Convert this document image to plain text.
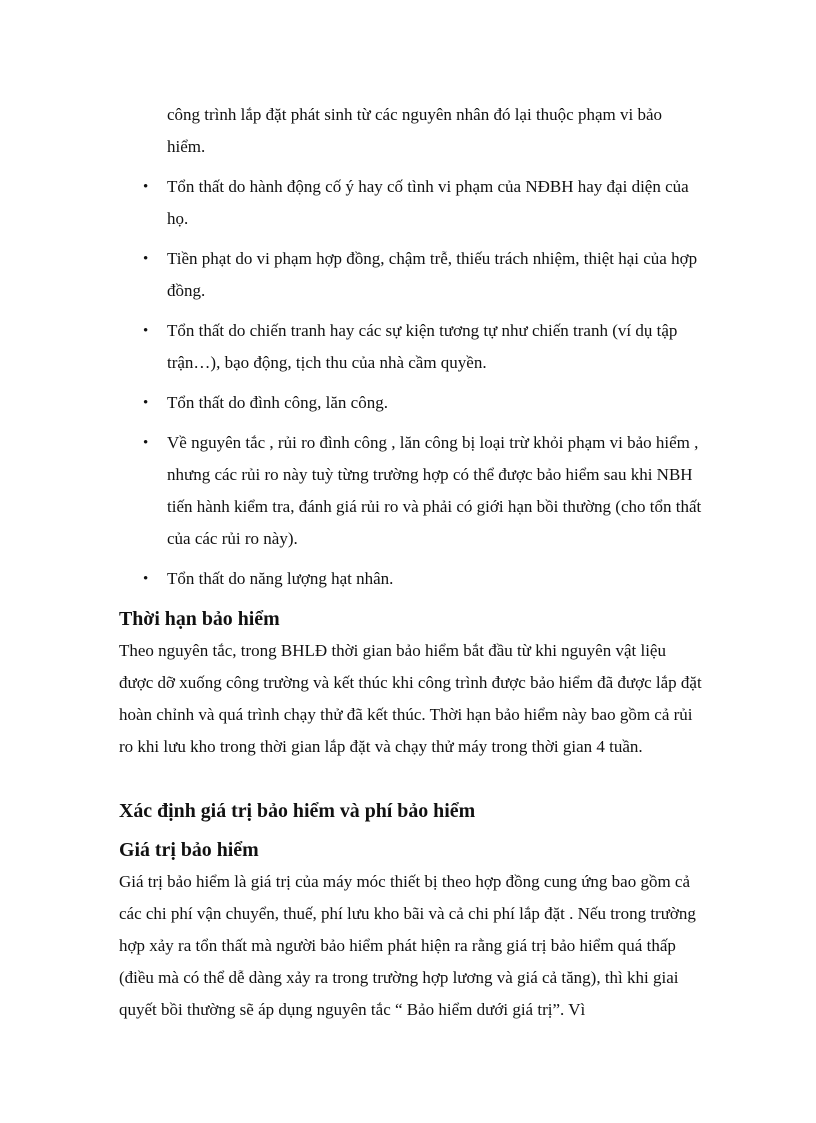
công trình lắp đặt phát sinh từ các nguyên nhân đó lại thuộc phạm vi bảo hiểm.

• Tổn thất do hành động cố ý hay cố tình vi phạm của NĐBH hay đại diện của họ.
• Tiền phạt do vi phạm hợp đồng, chậm trễ, thiếu trách nhiệm, thiệt hại của hợp đồng.
• Tổn thất do chiến tranh hay các sự kiện tương tự như chiến tranh (ví dụ tập trận…), bạo động, tịch thu của nhà cầm quyền.
• Tổn thất do đình công, lăn công.
• Về nguyên tắc , rủi ro đình công , lăn công bị loại trừ khỏi phạm vi bảo hiểm , nhưng các rủi ro này tuỳ từng trường hợp có thể được bảo hiểm sau khi NBH tiến hành kiểm tra, đánh giá rủi ro và phải có giới hạn bồi thường (cho tổn thất của các rủi ro này).
• Tổn thất do năng lượng hạt nhân.
Thời hạn bảo hiểm

Theo nguyên tắc, trong BHLĐ thời gian bảo hiểm bắt đầu từ khi nguyên vật liệu được dỡ xuống công trường và kết thúc khi công trình được bảo hiểm đã được lắp đặt hoàn chỉnh và quá trình chạy thử đã kết thúc. Thời hạn bảo hiểm này bao gồm cả rủi ro khi lưu kho trong thời gian lắp đặt và chạy thử máy trong thời gian 4 tuần.

Xác định giá trị bảo hiểm và phí bảo hiểm
Giá trị bảo hiểm

Giá trị bảo hiểm là giá trị của máy móc thiết bị theo hợp đồng cung ứng bao gồm cả các chi phí vận chuyển, thuế, phí lưu kho bãi và cả chi phí lắp đặt . Nếu trong trường hợp xảy ra tổn thất mà người bảo hiểm phát hiện ra rằng giá trị bảo hiểm quá thấp (điều mà có thể dễ dàng xảy ra trong trường hợp lương và giá cả tăng), thì khi giai quyết bồi thường sẽ áp dụng nguyên tắc “ Bảo hiểm dưới giá trị”. Vì
